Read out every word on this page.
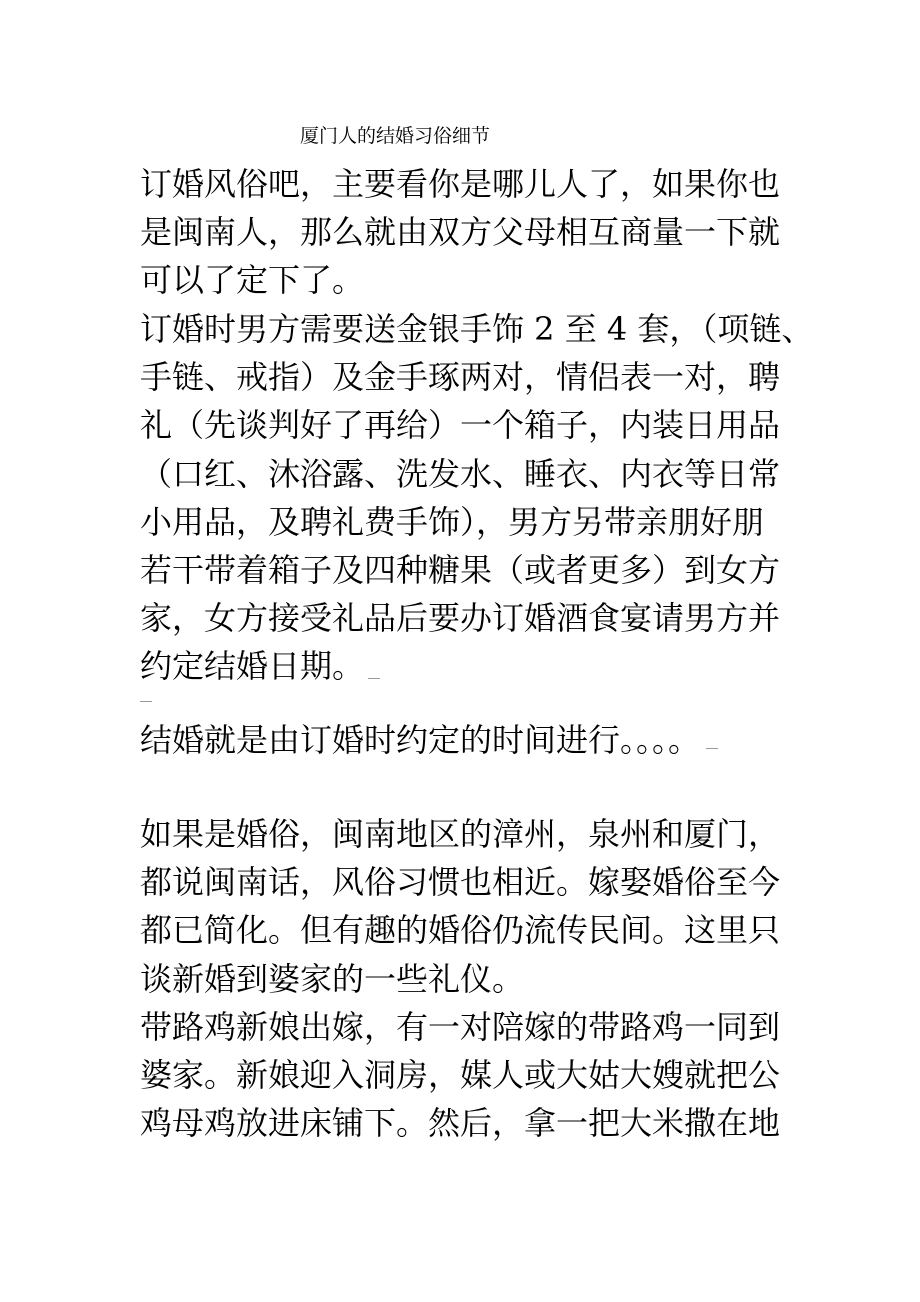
厦门人的结婚习俗细节
订婚风俗吧，主要看你是哪儿人了，如果你也
是闽南人，那么就由双方父母相互商量一下就
可以了定下了。
订婚时男方需要送金银手饰 2 至 4 套，（项链、
手链、戒指）及金手琢两对，情侣表一对，聘
礼（先谈判好了再给）一个箱子，内装日用品
（口红、沐浴露、洗发水、睡衣、内衣等日常
小用品，及聘礼费手饰），男方另带亲朋好朋
若干带着箱子及四种糖果（或者更多）到女方
家，女方接受礼品后要办订婚酒食宴请男方并
约定结婚日期。
结婚就是由订婚时约定的时间进行。。。。
如果是婚俗，闽南地区的漳州，泉州和厦门，
都说闽南话，风俗习惯也相近。嫁娶婚俗至今
都已简化。但有趣的婚俗仍流传民间。这里只
谈新婚到婆家的一些礼仪。
带路鸡新娘出嫁，有一对陪嫁的带路鸡一同到
婆家。新娘迎入洞房，媒人或大姑大嫂就把公
鸡母鸡放进床铺下。然后，拿一把大米撒在地
